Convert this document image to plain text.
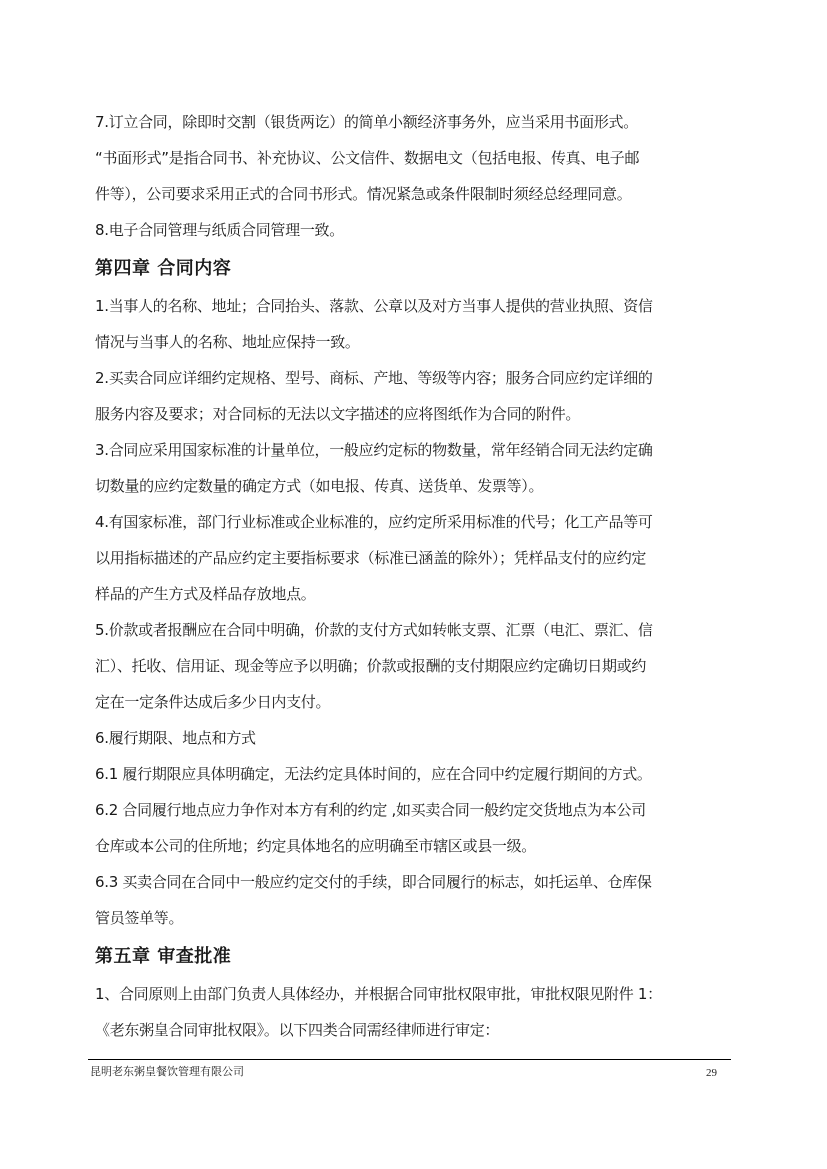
7.订立合同，除即时交割（银货两讫）的简单小额经济事务外，应当采用书面形式。
“书面形式”是指合同书、补充协议、公文信件、数据电文（包括电报、传真、电子邮
件等），公司要求采用正式的合同书形式。情况紧急或条件限制时须经总经理同意。
8.电子合同管理与纸质合同管理一致。
第四章 合同内容
1.当事人的名称、地址；合同抬头、落款、公章以及对方当事人提供的营业执照、资信
情况与当事人的名称、地址应保持一致。
2.买卖合同应详细约定规格、型号、商标、产地、等级等内容；服务合同应约定详细的
服务内容及要求；对合同标的无法以文字描述的应将图纸作为合同的附件。
3.合同应采用国家标准的计量单位，一般应约定标的物数量，常年经销合同无法约定确
切数量的应约定数量的确定方式（如电报、传真、送货单、发票等）。
4.有国家标准，部门行业标准或企业标准的，应约定所采用标准的代号；化工产品等可
以用指标描述的产品应约定主要指标要求（标准已涵盖的除外）；凭样品支付的应约定
样品的产生方式及样品存放地点。
5.价款或者报酬应在合同中明确，价款的支付方式如转帐支票、汇票（电汇、票汇、信
汇）、托收、信用证、现金等应予以明确；价款或报酬的支付期限应约定确切日期或约
定在一定条件达成后多少日内支付。
6.履行期限、地点和方式
6.1 履行期限应具体明确定，无法约定具体时间的，应在合同中约定履行期间的方式。
6.2 合同履行地点应力争作对本方有利的约定 ,如买卖合同一般约定交货地点为本公司
仓库或本公司的住所地；约定具体地名的应明确至市辖区或县一级。
6.3 买卖合同在合同中一般应约定交付的手续，即合同履行的标志，如托运单、仓库保
管员签单等。
第五章 审查批准
1、合同原则上由部门负责人具体经办，并根据合同审批权限审批，审批权限见附件 1：
《老东粥皇合同审批权限》。以下四类合同需经律师进行审定：
昆明老东粥皇餐饮管理有限公司	29
